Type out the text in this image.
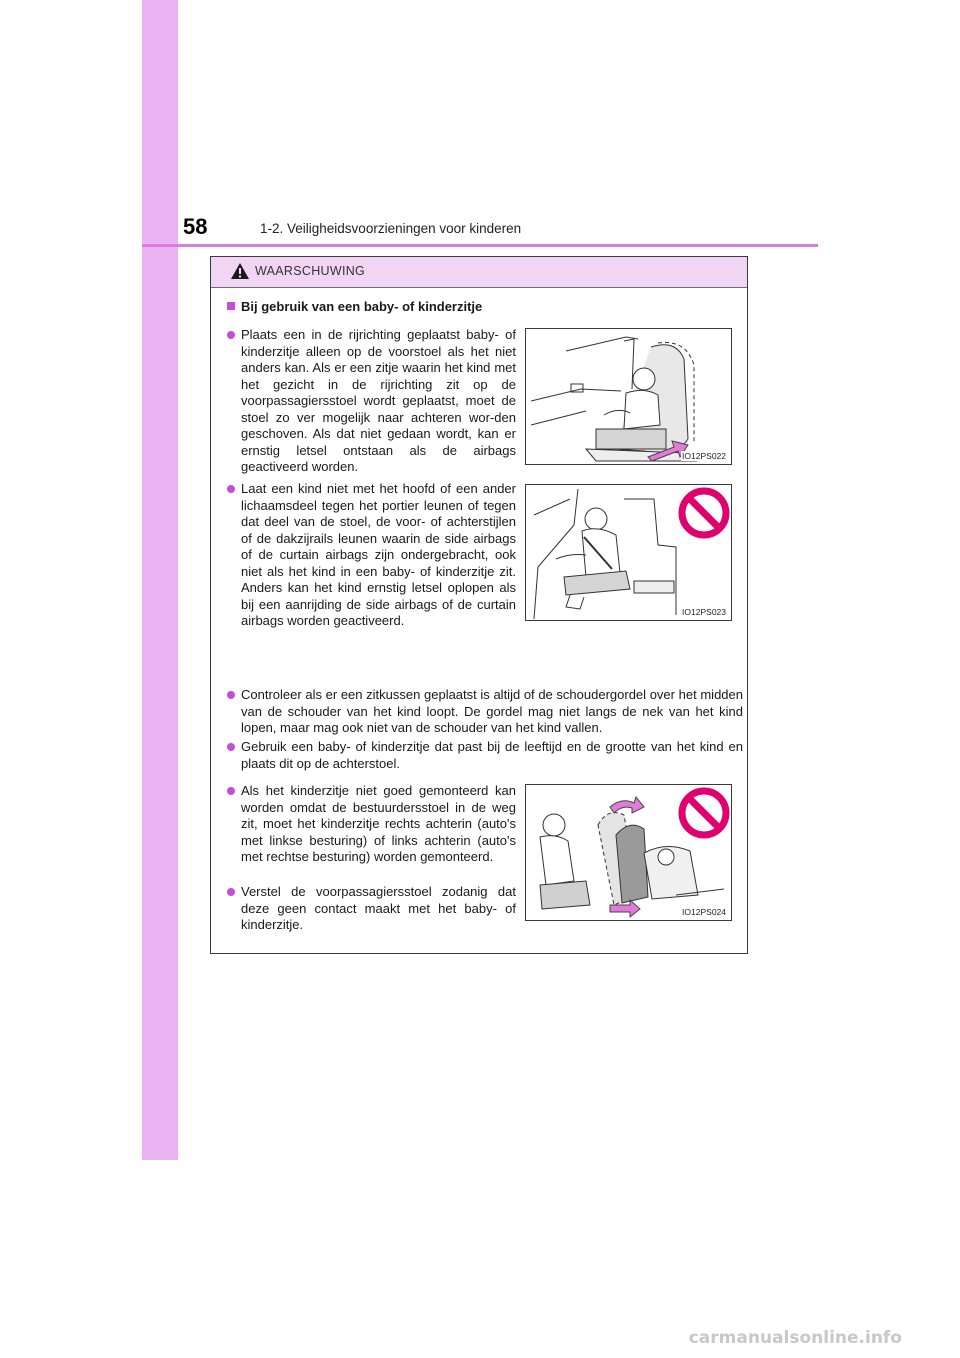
58	1-2. Veiligheidsvoorzieningen voor kinderen
WAARSCHUWING
Bij gebruik van een baby- of kinderzitje
Plaats een in de rijrichting geplaatst baby- of kinderzitje alleen op de voorstoel als het niet anders kan. Als er een zitje waarin het kind met het gezicht in de rijrichting zit op de voorpassagiersstoel wordt geplaatst, moet de stoel zo ver mogelijk naar achteren wor-den geschoven. Als dat niet gedaan wordt, kan er ernstig letsel ontstaan als de airbags geactiveerd worden.
IO12PS022
Laat een kind niet met het hoofd of een ander lichaamsdeel tegen het portier leunen of tegen dat deel van de stoel, de voor- of achterstijlen of de dakzijrails leunen waarin de side airbags of de curtain airbags zijn ondergebracht, ook niet als het kind in een baby- of kinderzitje zit. Anders kan het kind ernstig letsel oplopen als bij een aanrijding de side airbags of de curtain airbags worden geactiveerd.
IO12PS023
Controleer als er een zitkussen geplaatst is altijd of de schoudergordel over het midden van de schouder van het kind loopt. De gordel mag niet langs de nek van het kind lopen, maar mag ook niet van de schouder van het kind vallen.
Gebruik een baby- of kinderzitje dat past bij de leeftijd en de grootte van het kind en plaats dit op de achterstoel.
Als het kinderzitje niet goed gemonteerd kan worden omdat de bestuurdersstoel in de weg zit, moet het kinderzitje rechts achterin (auto's met linkse besturing) of links achterin (auto's met rechtse besturing) worden gemonteerd.
Verstel de voorpassagiersstoel zodanig dat deze geen contact maakt met het baby- of kinderzitje.
IO12PS024
carmanualsonline.info
